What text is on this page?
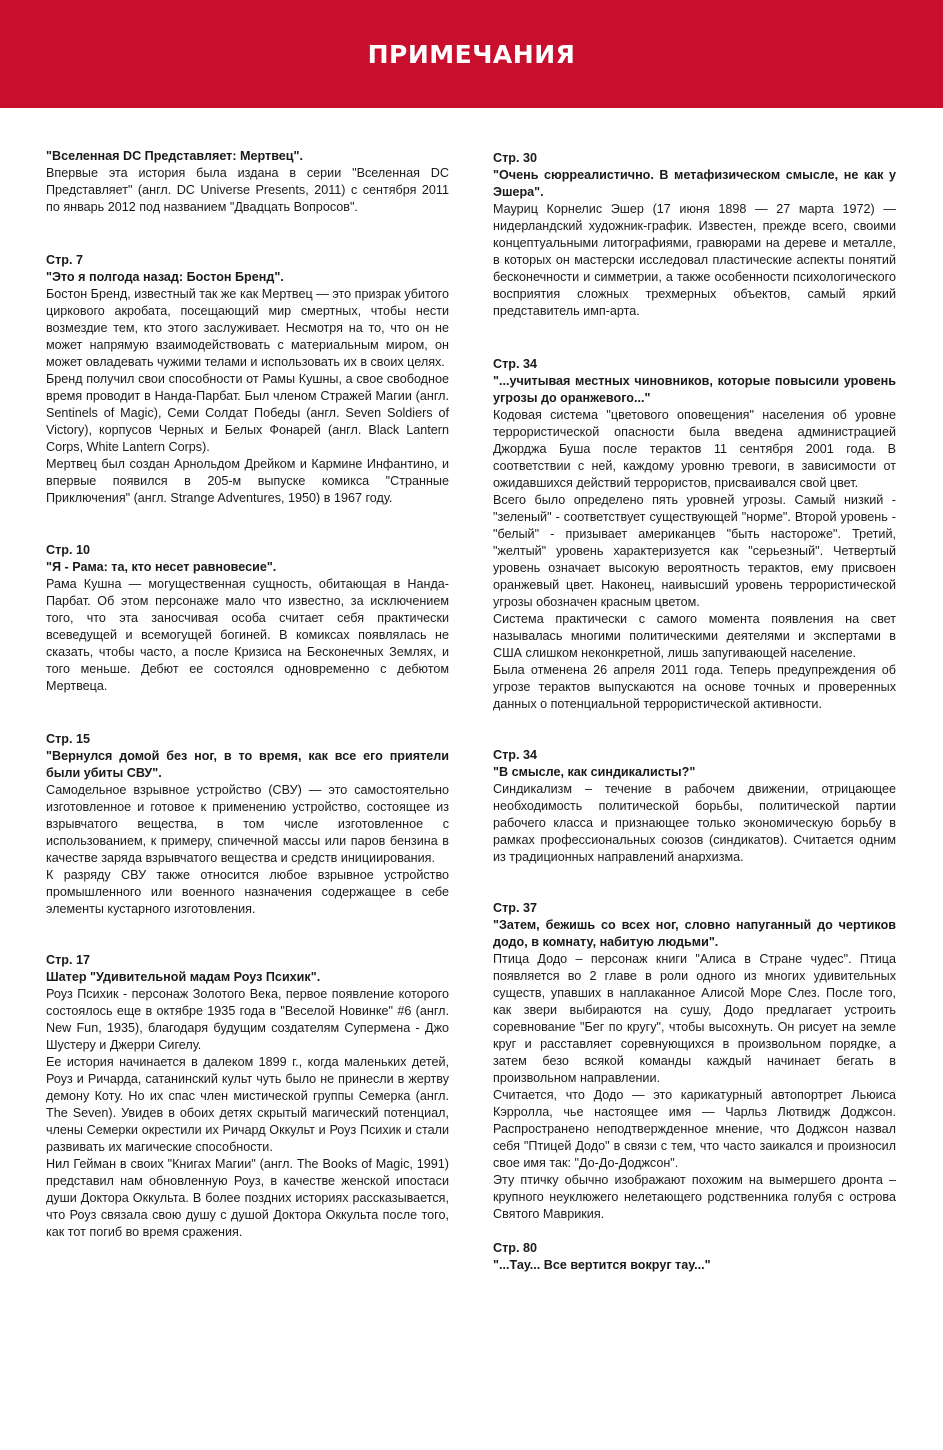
ПРИМЕЧАНИЯ

"Вселенная DC Представляет: Мертвец".

Впервые эта история была издана в серии "Вселенная DC Представляет" (англ. DC Universe Presents, 2011) с сентября 2011 по январь 2012 под названием "Двадцать Вопросов".

Стр. 7

"Это я полгода назад: Бостон Бренд".

Бостон Бренд, известный так же как Мертвец — это призрак убитого циркового акробата, посещающий мир смертных, чтобы нести возмездие тем, кто этого заслуживает. Несмотря на то, что он не может напрямую взаимодействовать с материальным миром, он может овладевать чужими телами и использовать их в своих целях.

Бренд получил свои способности от Рамы Кушны, а свое свободное время проводит в Нанда-Парбат. Был членом Стражей Магии (англ. Sentinels of Magic), Семи Солдат Победы (англ. Seven Soldiers of Victory), корпусов Черных и Белых Фонарей (англ. Black Lantern Corps, White Lantern Corps).

Мертвец был создан Арнольдом Дрейком и Кармине Инфантино, и впервые появился в 205-м выпуске комикса "Странные Приключения" (англ. Strange Adventures, 1950) в 1967 году.

Стр. 10

"Я - Рама: та, кто несет равновесие".

Рама Кушна — могущественная сущность, обитающая в Нанда-Парбат. Об этом персонаже мало что известно, за исключением того, что эта заносчивая особа считает себя практически всеведущей и всемогущей богиней. В комиксах появлялась не сказать, чтобы часто, а после Кризиса на Бесконечных Землях, и того меньше. Дебют ее состоялся одновременно с дебютом Мертвеца.

Стр. 15

"Вернулся домой без ног, в то время, как все его приятели были убиты СВУ".

Самодельное взрывное устройство (СВУ) — это самостоятельно изготовленное и готовое к применению устройство, состоящее из взрывчатого вещества, в том числе изготовленное с использованием, к примеру, спичечной массы или паров бензина в качестве заряда взрывчатого вещества и средств инициирования.

К разряду СВУ также относится любое взрывное устройство промышленного или военного назначения содержащее в себе элементы кустарного изготовления.

Стр. 17

Шатер "Удивительной мадам Роуз Психик".

Роуз Психик - персонаж Золотого Века, первое появление которого состоялось еще в октябре 1935 года в "Веселой Новинке" #6 (англ. New Fun, 1935), благодаря будущим создателям Супермена - Джо Шустеру и Джерри Сигелу.

Ее история начинается в далеком 1899 г., когда маленьких детей, Роуз и Ричарда, сатанинский культ чуть было не принесли в жертву демону Коту. Но их спас член мистической группы Семерка (англ. The Seven). Увидев в обоих детях скрытый магический потенциал, члены Семерки окрестили их Ричард Оккульт и Роуз Психик и стали развивать их магические способности.

Нил Гейман в своих "Книгах Магии" (англ. The Books of Magic, 1991) представил нам обновленную Роуз, в качестве женской ипостаси души Доктора Оккульта. В более поздних историях рассказывается, что Роуз связала свою душу с душой Доктора Оккульта после того, как тот погиб во время сражения.

Стр. 30

"Очень сюрреалистично. В метафизическом смысле, не как у Эшера".

Мауриц Корнелис Эшер (17 июня 1898 — 27 марта 1972) — нидерландский художник-график. Известен, прежде всего, своими концептуальными литографиями, гравюрами на дереве и металле, в которых он мастерски исследовал пластические аспекты понятий бесконечности и симметрии, а также особенности психологического восприятия сложных трехмерных объектов, самый яркий представитель имп-арта.

Стр. 34

"...учитывая местных чиновников, которые повысили уровень угрозы до оранжевого..."

Кодовая система "цветового оповещения" населения об уровне террористической опасности была введена администрацией Джорджа Буша после терактов 11 сентября 2001 года. В соответствии с ней, каждому уровню тревоги, в зависимости от ожидавшихся действий террористов, присваивался свой цвет.

Всего было определено пять уровней угрозы. Самый низкий - "зеленый" - соответствует существующей "норме". Второй уровень - "белый" - призывает американцев "быть настороже". Третий, "желтый" уровень характеризуется как "серьезный". Четвертый уровень означает высокую вероятность терактов, ему присвоен оранжевый цвет. Наконец, наивысший уровень террористической угрозы обозначен красным цветом.

Система практически с самого момента появления на свет называлась многими политическими деятелями и экспертами в США слишком неконкретной, лишь запугивающей население.

Была отменена 26 апреля 2011 года. Теперь предупреждения об угрозе терактов выпускаются на основе точных и проверенных данных о потенциальной террористической активности.

Стр. 34

"В смысле, как синдикалисты?"

Синдикализм – течение в рабочем движении, отрицающее необходимость политической борьбы, политической партии рабочего класса и признающее только экономическую борьбу в рамках профессиональных союзов (синдикатов). Считается одним из традиционных направлений анархизма.

Стр. 37

"Затем, бежишь со всех ног, словно напуганный до чертиков додо, в комнату, набитую людьми".

Птица Додо – персонаж книги "Алиса в Стране чудес". Птица появляется во 2 главе в роли одного из многих удивительных существ, упавших в наплаканное Алисой Море Слез. После того, как звери выбираются на сушу, Додо предлагает устроить соревнование "Бег по кругу", чтобы высохнуть. Он рисует на земле круг и расставляет соревнующихся в произвольном порядке, а затем безо всякой команды каждый начинает бегать в произвольном направлении.

Считается, что Додо — это карикатурный автопортрет Льюиса Кэрролла, чье настоящее имя — Чарльз Лютвидж Доджсон. Распространено неподтвержденное мнение, что Доджсон назвал себя "Птицей Додо" в связи с тем, что часто заикался и произносил свое имя так: "До-До-Доджсон".

Эту птичку обычно изображают похожим на вымершего дронта – крупного неуклюжего нелетающего родственника голубя с острова Святого Маврикия.

Стр. 80

"...Тау... Все вертится вокруг тау..."
